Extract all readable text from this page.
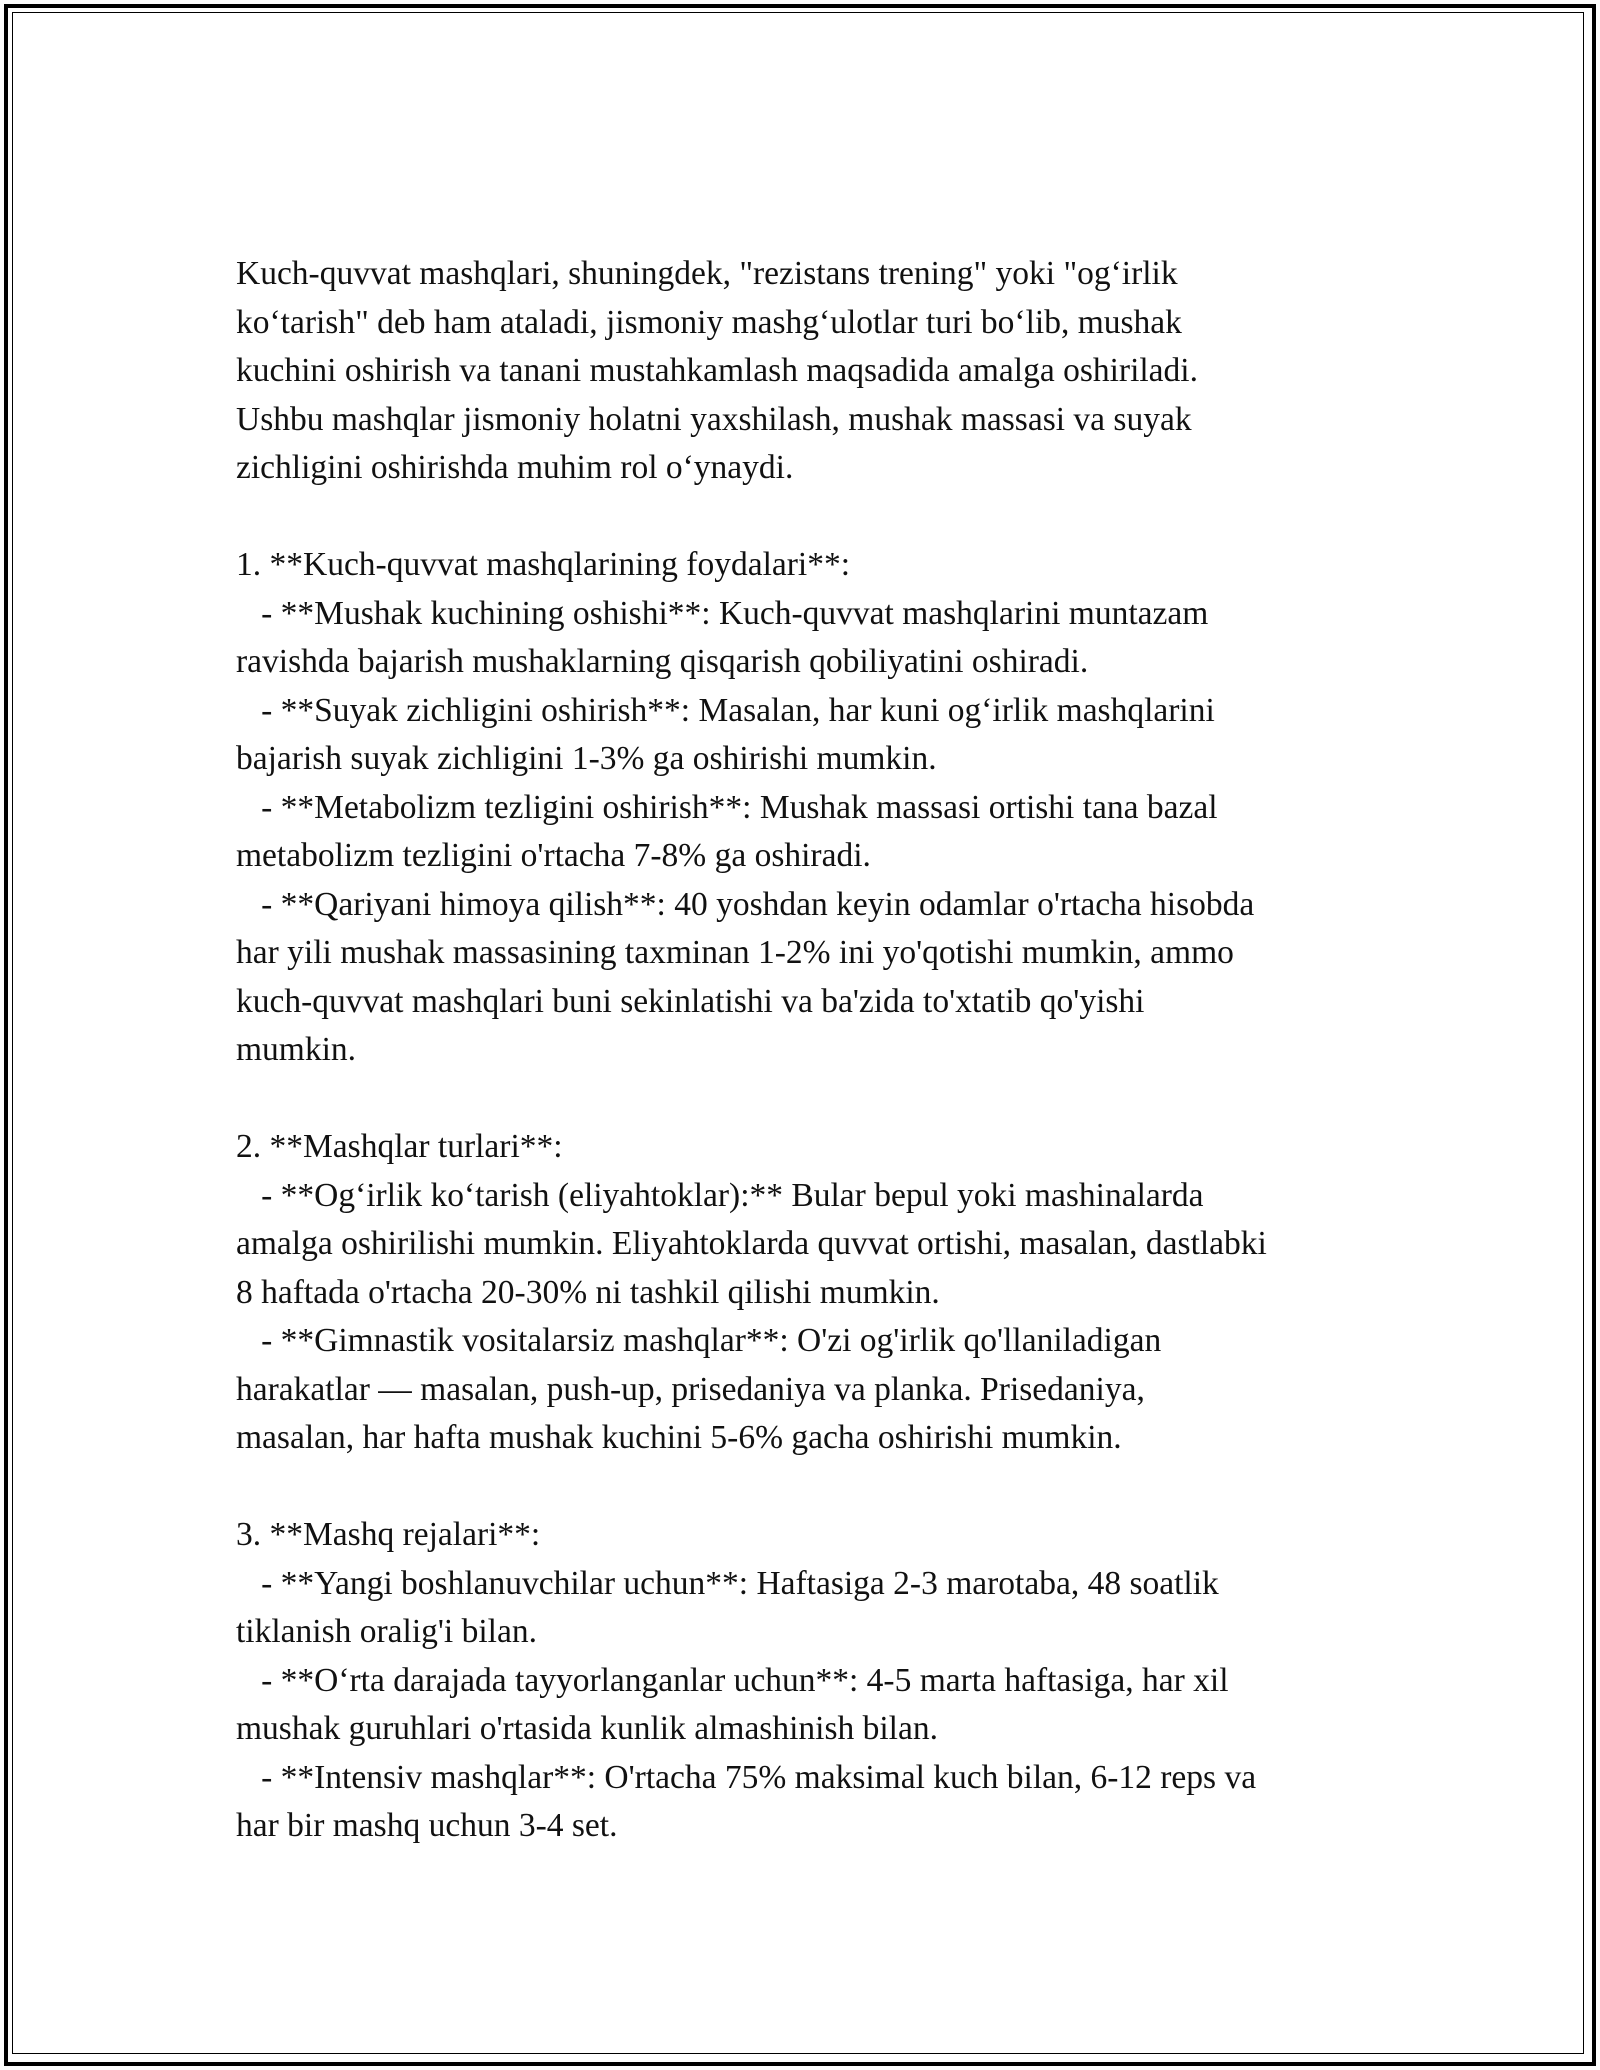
Kuch-quvvat mashqlari, shuningdek, "rezistans trening" yoki "og‘irlik

ko‘tarish" deb ham ataladi, jismoniy mashg‘ulotlar turi bo‘lib, mushak

kuchini oshirish va tanani mustahkamlash maqsadida amalga oshiriladi.

Ushbu mashqlar jismoniy holatni yaxshilash, mushak massasi va suyak

zichligini oshirishda muhim rol o‘ynaydi.

1. **Kuch-quvvat mashqlarining foydalari**:

- **Mushak kuchining oshishi**: Kuch-quvvat mashqlarini muntazam

ravishda bajarish mushaklarning qisqarish qobiliyatini oshiradi.

- **Suyak zichligini oshirish**: Masalan, har kuni og‘irlik mashqlarini

bajarish suyak zichligini 1-3% ga oshirishi mumkin.

- **Metabolizm tezligini oshirish**: Mushak massasi ortishi tana bazal

metabolizm tezligini o'rtacha 7-8% ga oshiradi.

- **Qariyani himoya qilish**: 40 yoshdan keyin odamlar o'rtacha hisobda

har yili mushak massasining taxminan 1-2% ini yo'qotishi mumkin, ammo

kuch-quvvat mashqlari buni sekinlatishi va ba'zida to'xtatib qo'yishi

mumkin.

2. **Mashqlar turlari**:

- **Og‘irlik ko‘tarish (eliyahtoklar):** Bular bepul yoki mashinalarda

amalga oshirilishi mumkin. Eliyahtoklarda quvvat ortishi, masalan, dastlabki

8 haftada o'rtacha 20-30% ni tashkil qilishi mumkin.

- **Gimnastik vositalarsiz mashqlar**: O'zi og'irlik qo'llaniladigan

harakatlar — masalan, push-up, prisedaniya va planka. Prisedaniya,

masalan, har hafta mushak kuchini 5-6% gacha oshirishi mumkin.

3. **Mashq rejalari**:

- **Yangi boshlanuvchilar uchun**: Haftasiga 2-3 marotaba, 48 soatlik

tiklanish oralig'i bilan.

- **O‘rta darajada tayyorlanganlar uchun**: 4-5 marta haftasiga, har xil

mushak guruhlari o'rtasida kunlik almashinish bilan.

- **Intensiv mashqlar**: O'rtacha 75% maksimal kuch bilan, 6-12 reps va

har bir mashq uchun 3-4 set.
